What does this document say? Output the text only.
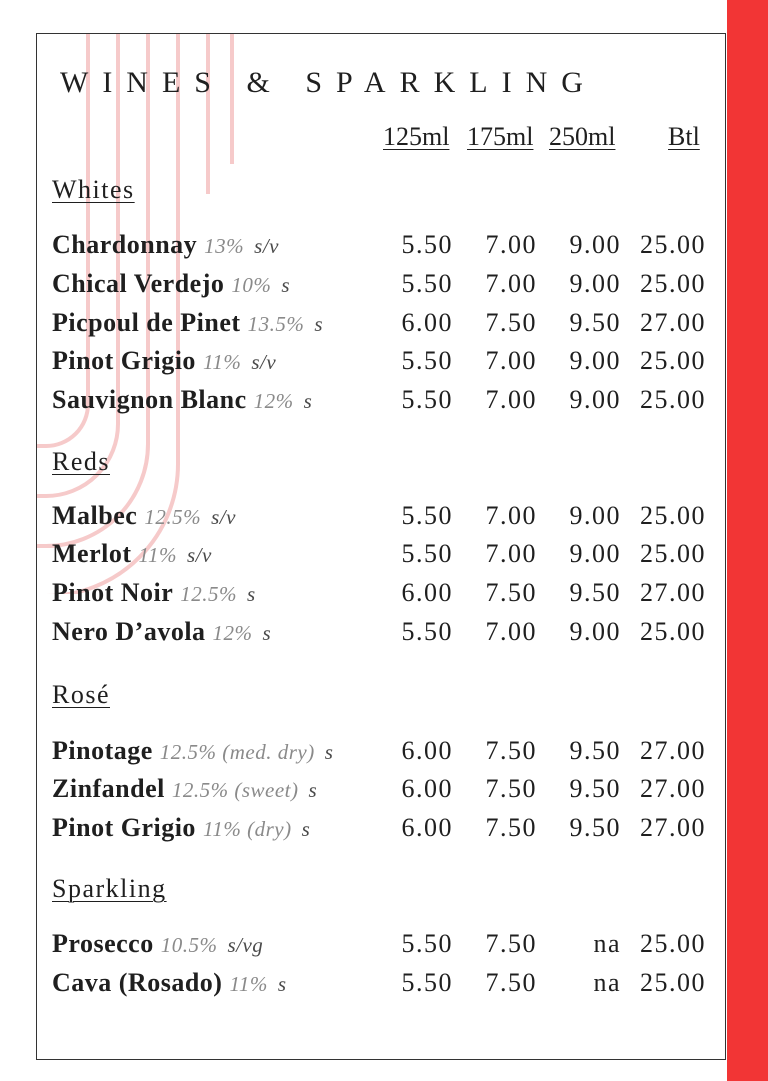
WINES & SPARKLING
125ml 175ml 250ml Btl
Whites
Chardonnay 13% s/v	5.50 7.00 9.00 25.00
Chical Verdejo 10% s	5.50 7.00 9.00 25.00
Picpoul de Pinet 13.5% s	6.00 7.50 9.50 27.00
Pinot Grigio 11% s/v	5.50 7.00 9.00 25.00
Sauvignon Blanc 12% s	5.50 7.00 9.00 25.00
Reds
Malbec 12.5% s/v	5.50 7.00 9.00 25.00
Merlot 11% s/v	5.50 7.00 9.00 25.00
Pinot Noir 12.5% s	6.00 7.50 9.50 27.00
Nero D’avola 12% s	5.50 7.00 9.00 25.00
Rosé
Pinotage 12.5% (med. dry) s	6.00 7.50 9.50 27.00
Zinfandel 12.5% (sweet) s	6.00 7.50 9.50 27.00
Pinot Grigio 11% (dry) s	6.00 7.50 9.50 27.00
Sparkling
Prosecco 10.5% s/vg	5.50 7.50 na 25.00
Cava (Rosado) 11% s	5.50 7.50 na 25.00
